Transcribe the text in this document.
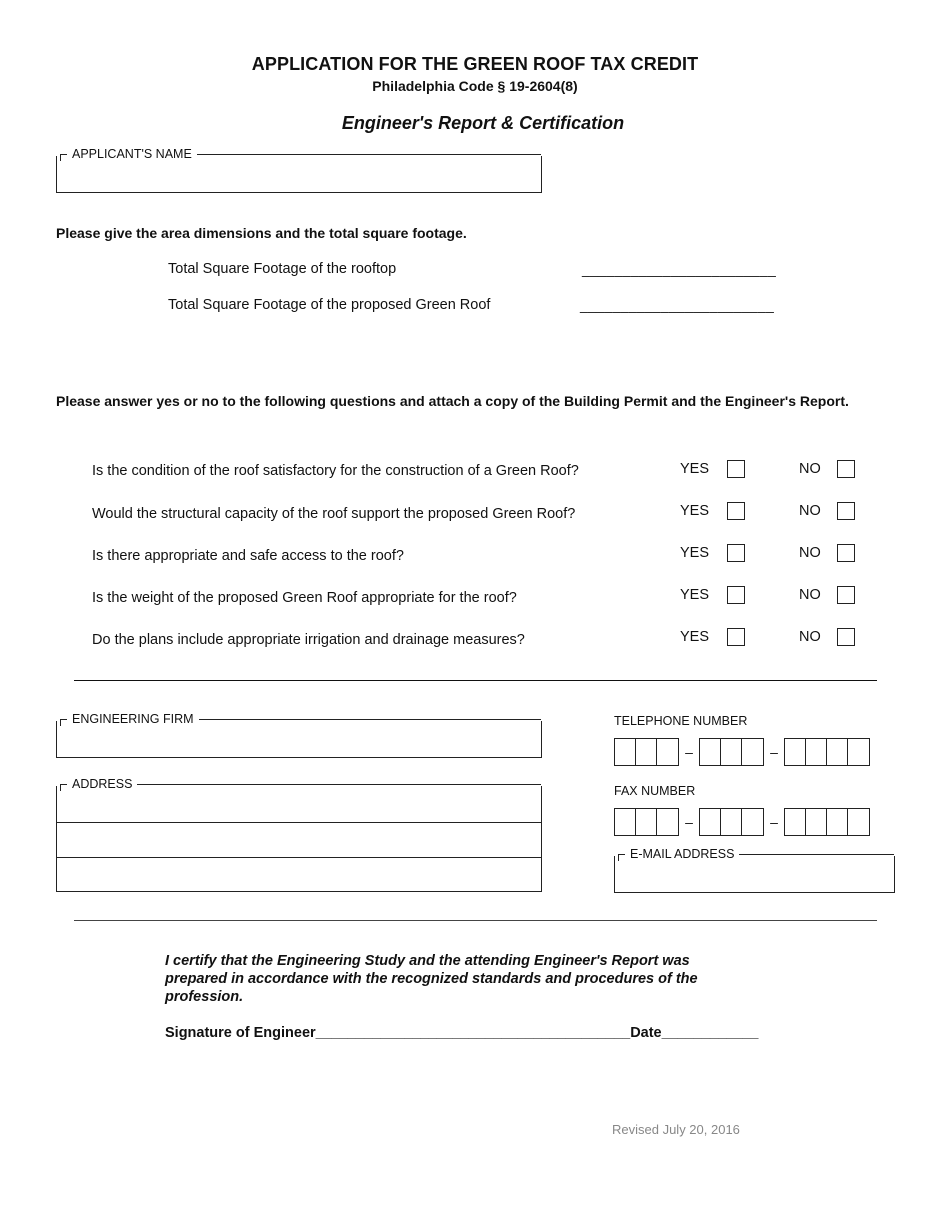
APPLICATION FOR THE GREEN ROOF TAX CREDIT
Philadelphia Code § 19-2604(8)
Engineer's Report & Certification
APPLICANT'S NAME
Please give the area dimensions and the total square footage.
Total Square Footage of the rooftop	________________________
Total Square Footage of the proposed Green Roof	________________________
Please answer yes or no to the following questions and attach a copy of the Building Permit and the Engineer's Report.
Is the condition of the roof satisfactory for the construction of a Green Roof?	YES	NO
Would the structural capacity of the roof support the proposed Green Roof?	YES	NO
Is there appropriate and safe access to the roof?	YES	NO
Is the weight of the proposed Green Roof appropriate for the roof?	YES	NO
Do the plans include appropriate irrigation and drainage measures?	YES	NO
ENGINEERING FIRM
ADDRESS
TELEPHONE NUMBER
–	–
FAX NUMBER
–	–
E-MAIL ADDRESS
I certify that the Engineering Study and the attending Engineer's Report was prepared in accordance with the recognized standards and procedures of the profession.
Signature of Engineer_______________________________________Date____________
Revised July 20, 2016
